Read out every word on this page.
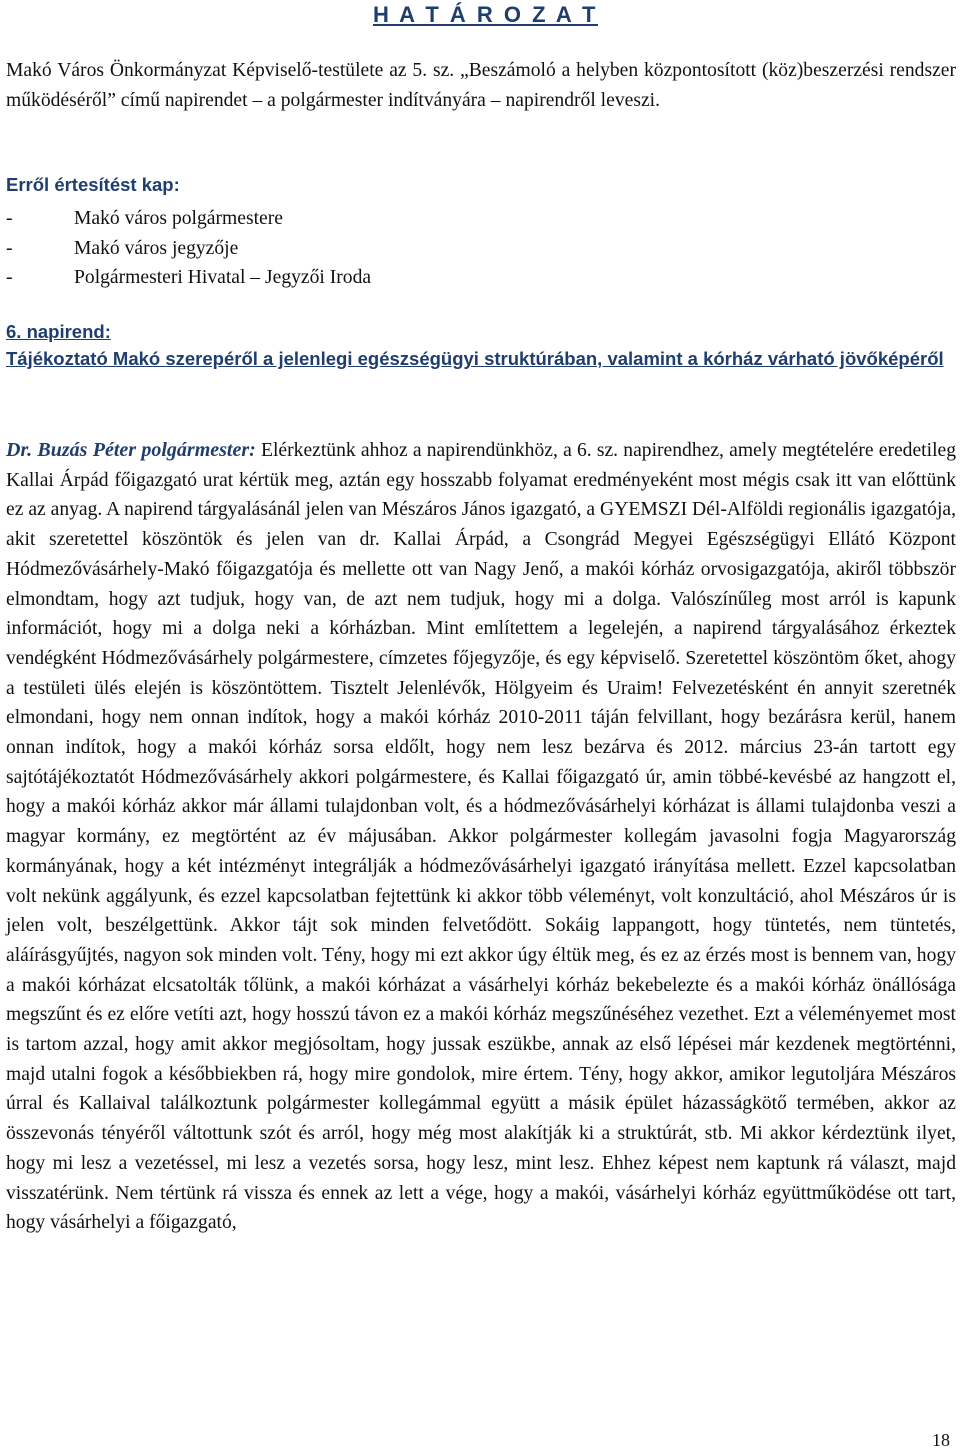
H A T Á R O Z A T
Makó Város Önkormányzat Képviselő-testülete az 5. sz. „Beszámoló a helyben központosított (köz)beszerzési rendszer működéséről” című napirendet – a polgármester indítványára – napirendről leveszi.
Erről értesítést kap:
-	Makó város polgármestere
-	Makó város jegyzője
-	Polgármesteri Hivatal – Jegyzői Iroda
6. napirend:
Tájékoztató Makó szerepéről a jelenlegi egészségügyi struktúrában, valamint a kórház várható jövőképéről

Dr. Buzás Péter polgármester: Elérkeztünk ahhoz a napirendünkhöz, a 6. sz. napirendhez, amely megtételére eredetileg Kallai Árpád főigazgató urat kértük meg, aztán egy hosszabb folyamat eredményeként most mégis csak itt van előttünk ez az anyag. A napirend tárgyalásánál jelen van Mészáros János igazgató, a GYEMSZI Dél-Alföldi regionális igazgatója, akit szeretettel köszöntök és jelen van dr. Kallai Árpád, a Csongrád Megyei Egészségügyi Ellátó Központ Hódmezővásárhely-Makó főigazgatója és mellette ott van Nagy Jenő, a makói kórház orvosigazgatója, akiről többször elmondtam, hogy azt tudjuk, hogy van, de azt nem tudjuk, hogy mi a dolga. Valószínűleg most arról is kapunk információt, hogy mi a dolga neki a kórházban. Mint említettem a legelején, a napirend tárgyalásához érkeztek vendégként Hódmezővásárhely polgármestere, címzetes főjegyzője, és egy képviselő. Szeretettel köszöntöm őket, ahogy a testületi ülés elején is köszöntöttem. Tisztelt Jelenlévők, Hölgyeim és Uraim! Felvezetésként én annyit szeretnék elmondani, hogy nem onnan indítok, hogy a makói kórház 2010-2011 táján felvillant, hogy bezárásra kerül, hanem onnan indítok, hogy a makói kórház sorsa eldőlt, hogy nem lesz bezárva és 2012. március 23-án tartott egy sajtótájékoztatót Hódmezővásárhely akkori polgármestere, és Kallai főigazgató úr, amin többé-kevésbé az hangzott el, hogy a makói kórház akkor már állami tulajdonban volt, és a hódmezővásárhelyi kórházat is állami tulajdonba veszi a magyar kormány, ez megtörtént az év májusában. Akkor polgármester kollegám javasolni fogja Magyarország kormányának, hogy a két intézményt integrálják a hódmezővásárhelyi igazgató irányítása mellett. Ezzel kapcsolatban volt nekünk aggályunk, és ezzel kapcsolatban fejtettünk ki akkor több véleményt, volt konzultáció, ahol Mészáros úr is jelen volt, beszélgettünk. Akkor tájt sok minden felvetődött. Sokáig lappangott, hogy tüntetés, nem tüntetés, aláírásgyűjtés, nagyon sok minden volt. Tény, hogy mi ezt akkor úgy éltük meg, és ez az érzés most is bennem van, hogy a makói kórházat elcsatolták tőlünk, a makói kórházat a vásárhelyi kórház bekebelezte és a makói kórház önállósága megszűnt és ez előre vetíti azt, hogy hosszú távon ez a makói kórház megszűnéséhez vezethet. Ezt a véleményemet most is tartom azzal, hogy amit akkor megjósoltam, hogy jussak eszükbe, annak az első lépései már kezdenek megtörténni, majd utalni fogok a későbbiekben rá, hogy mire gondolok, mire értem. Tény, hogy akkor, amikor legutoljára Mészáros úrral és Kallaival találkoztunk polgármester kollegámmal együtt a másik épület házasságkötő termében, akkor az összevonás tényéről váltottunk szót és arról, hogy még most alakítják ki a struktúrát, stb. Mi akkor kérdeztünk ilyet, hogy mi lesz a vezetéssel, mi lesz a vezetés sorsa, hogy lesz, mint lesz. Ehhez képest nem kaptunk rá választ, majd visszatérünk. Nem tértünk rá vissza és ennek az lett a vége, hogy a makói, vásárhelyi kórház együttműködése ott tart, hogy vásárhelyi a főigazgató,

18
